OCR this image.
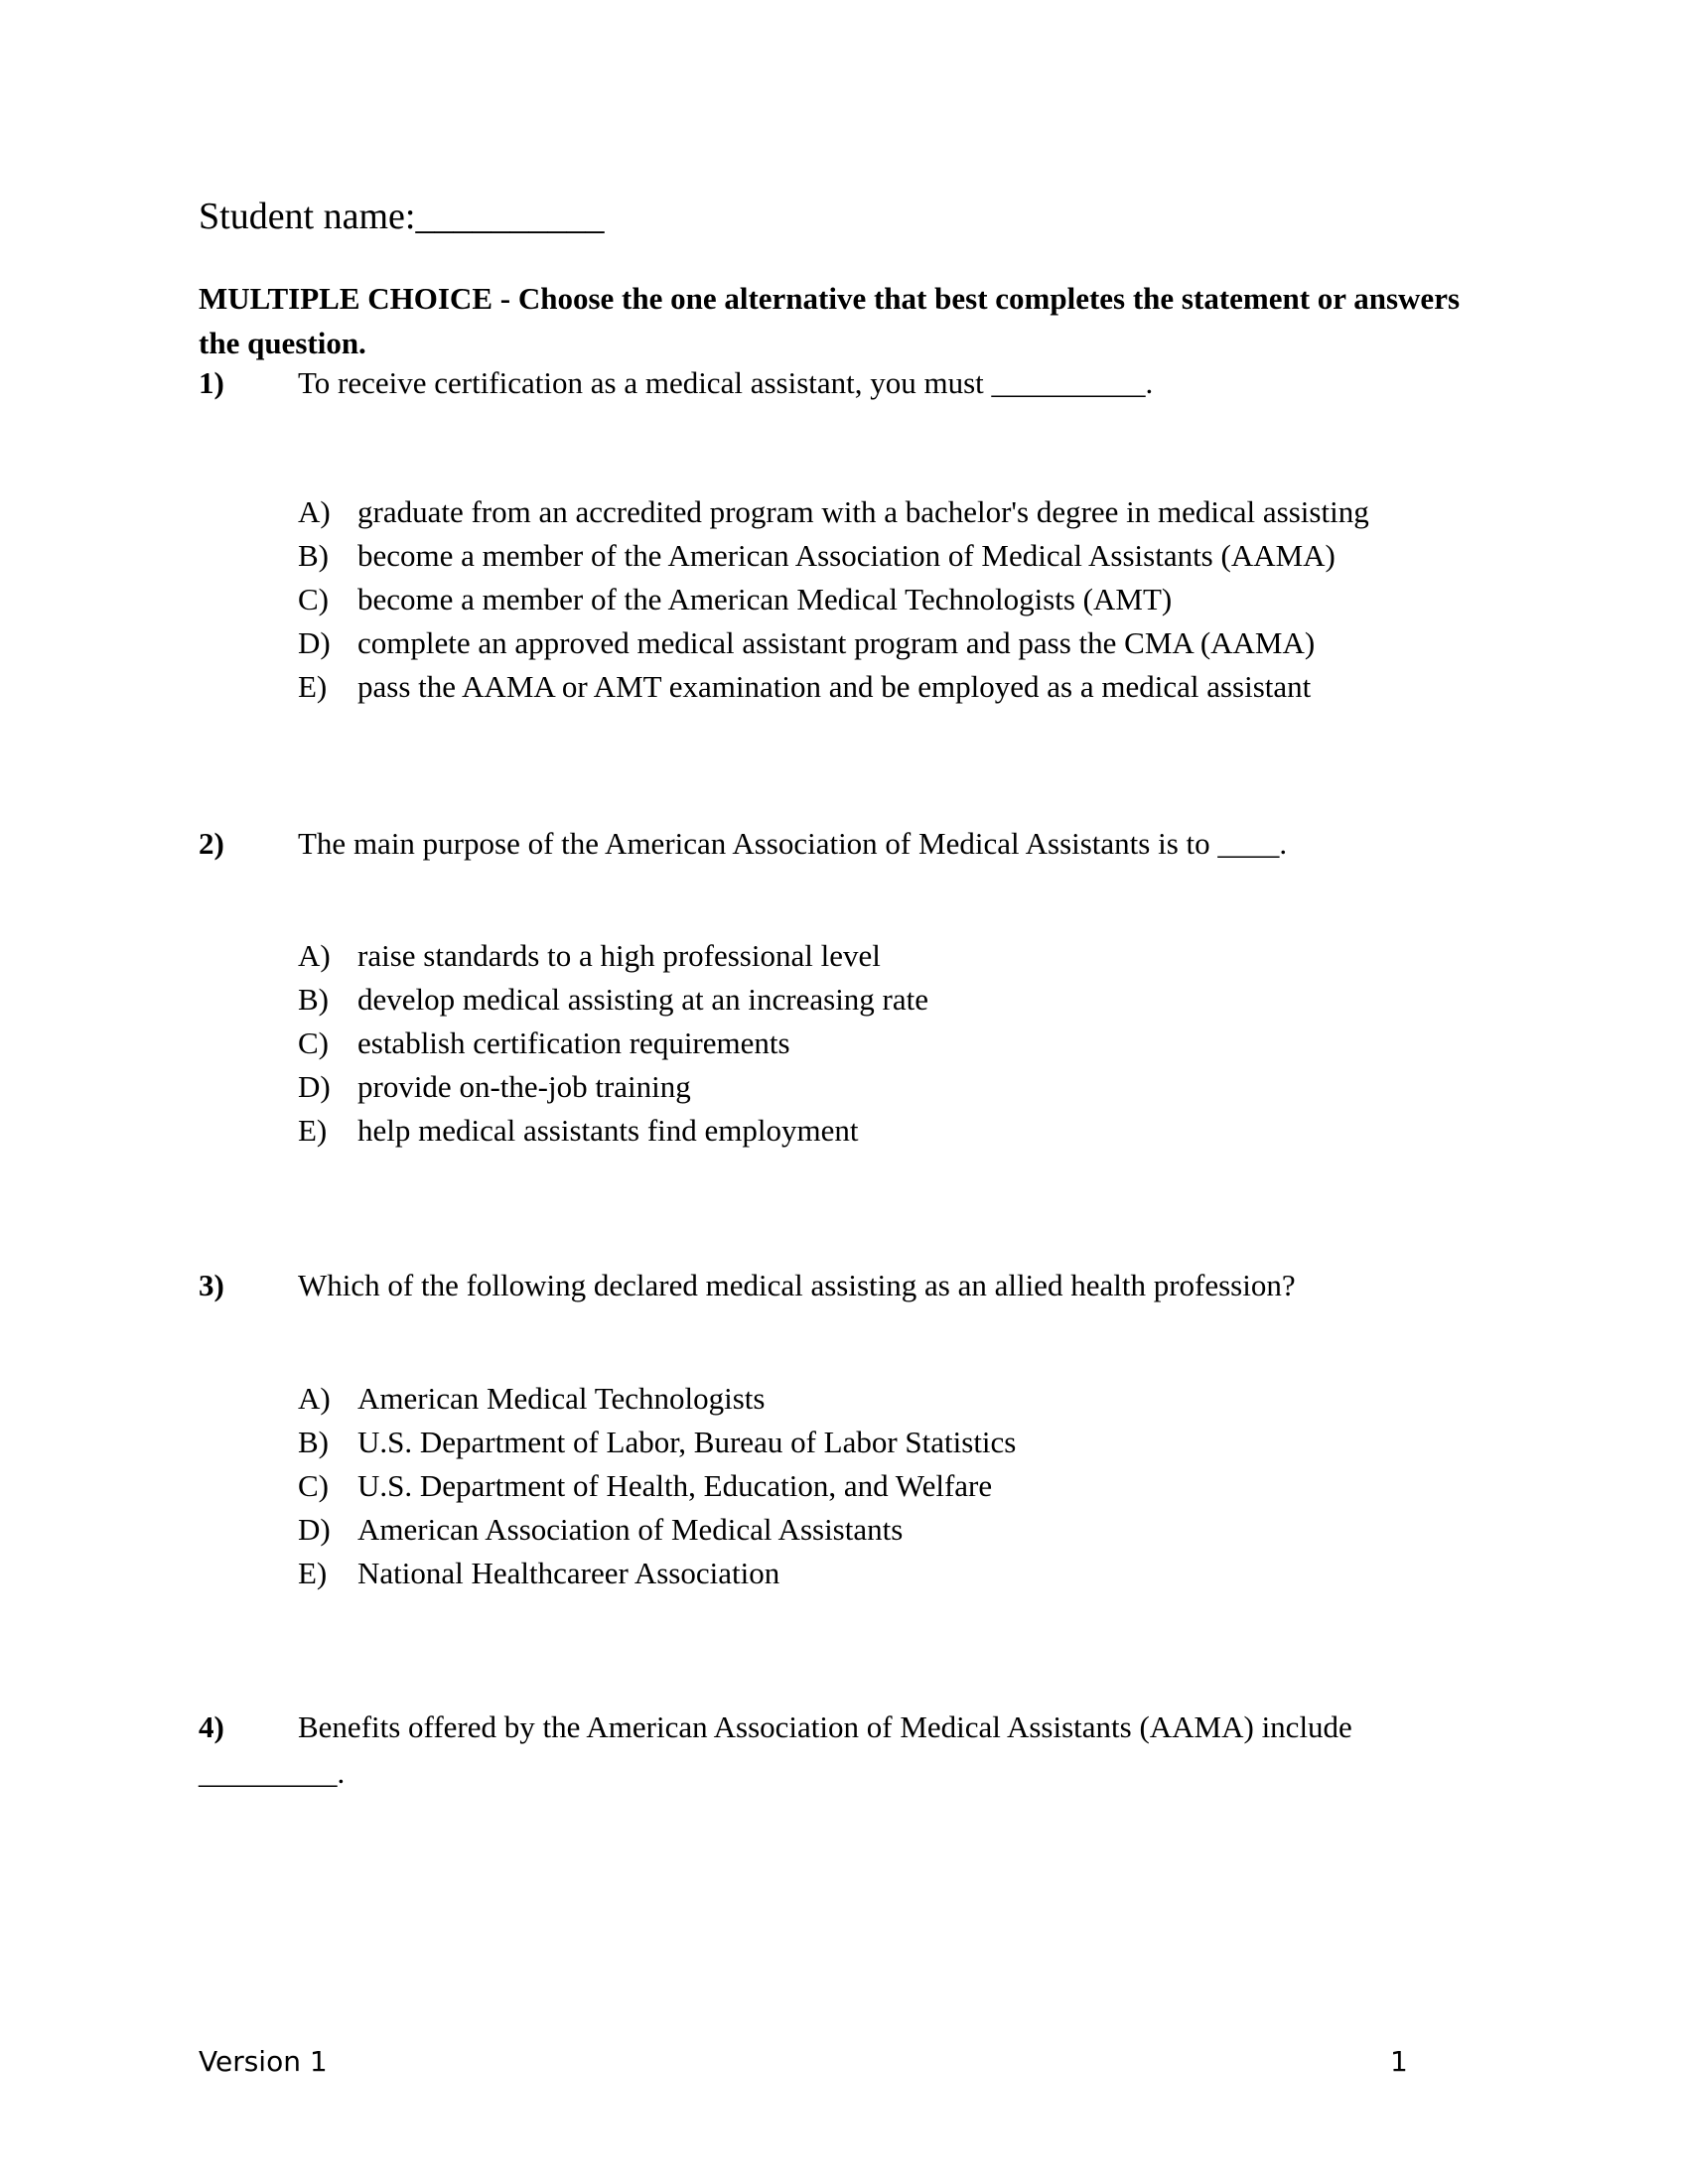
Student name:__________
MULTIPLE CHOICE - Choose the one alternative that best completes the statement or answers the question.
1) To receive certification as a medical assistant, you must __________.
A) graduate from an accredited program with a bachelor's degree in medical assisting
B) become a member of the American Association of Medical Assistants (AAMA)
C) become a member of the American Medical Technologists (AMT)
D) complete an approved medical assistant program and pass the CMA (AAMA)
E) pass the AAMA or AMT examination and be employed as a medical assistant
2) The main purpose of the American Association of Medical Assistants is to ____.
A) raise standards to a high professional level
B) develop medical assisting at an increasing rate
C) establish certification requirements
D) provide on-the-job training
E) help medical assistants find employment
3) Which of the following declared medical assisting as an allied health profession?
A) American Medical Technologists
B) U.S. Department of Labor, Bureau of Labor Statistics
C) U.S. Department of Health, Education, and Welfare
D) American Association of Medical Assistants
E) National Healthcareer Association
4) Benefits offered by the American Association of Medical Assistants (AAMA) include
_________.
Version 1	1
